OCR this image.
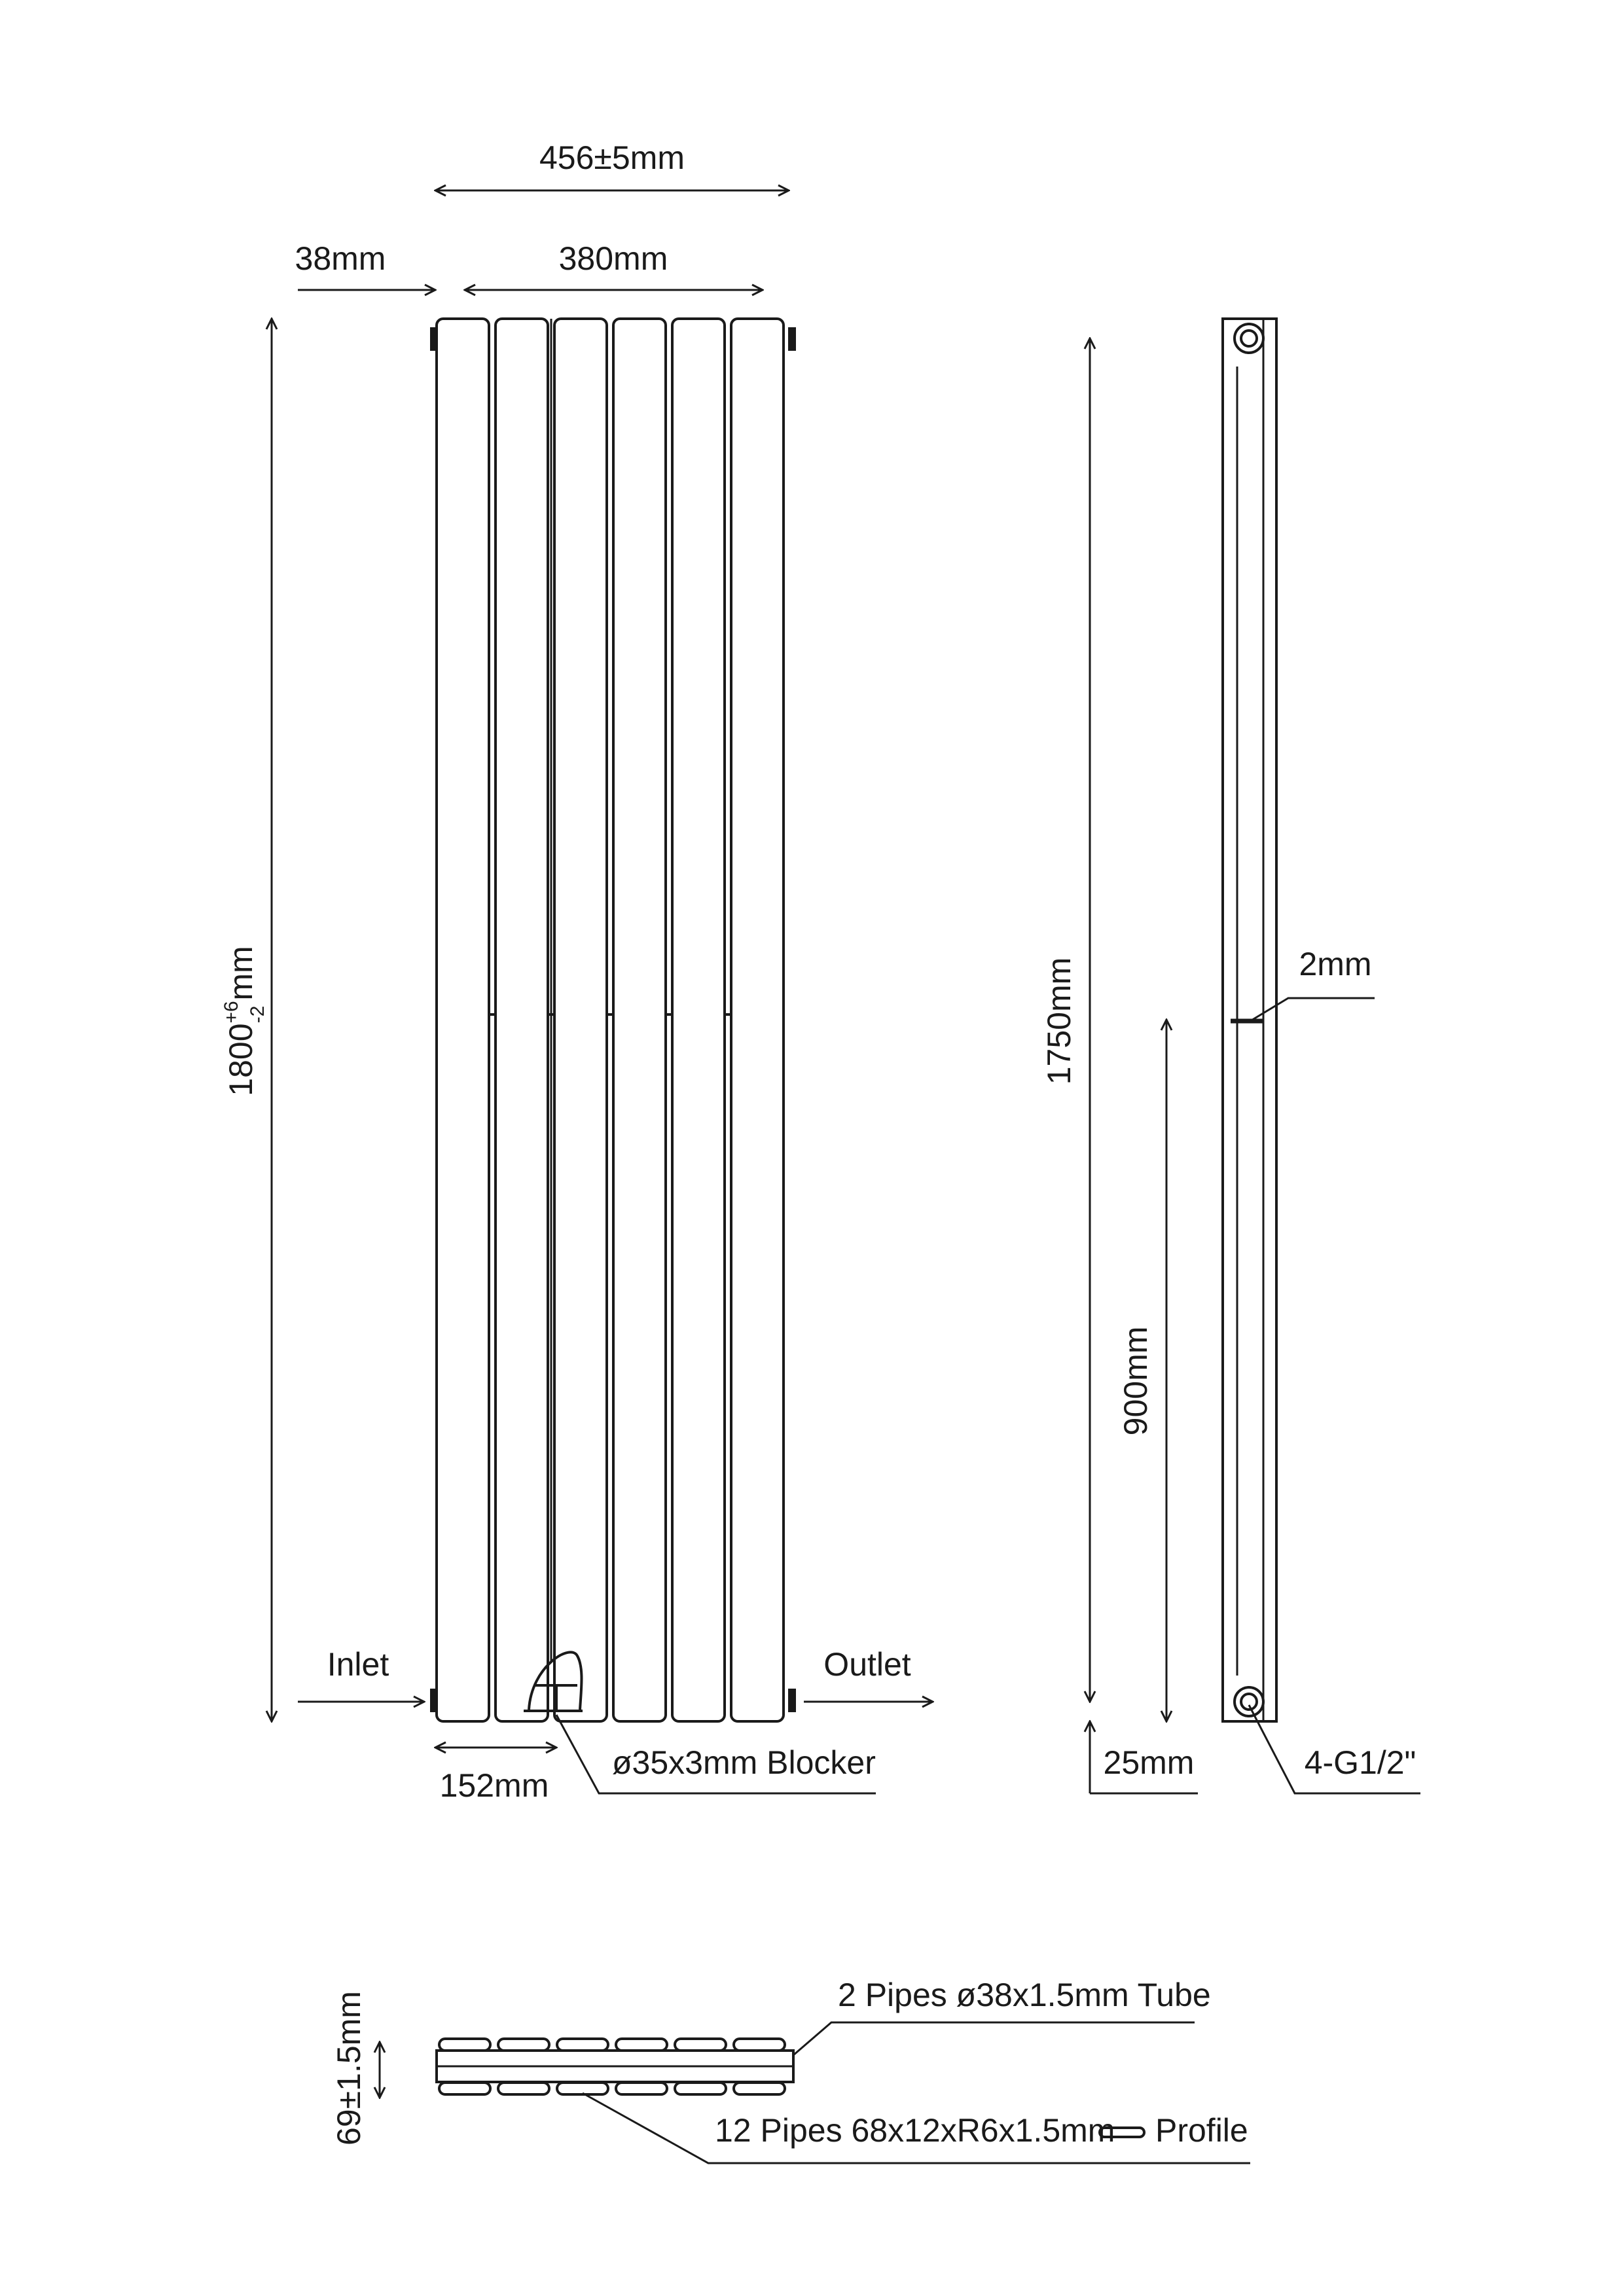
456±5mm
38mm	380mm
$1800^{+6}$ -2mm
Inlet	Outlet
152mm
ø35x3mm Blocker
1750mm
900mm
2mm
25mm	4-G1/2"
69±1.5mm	2 Pipes ø38x1.5mm Tube
12 Pipes 68x12xR6x1.5mm Profile
